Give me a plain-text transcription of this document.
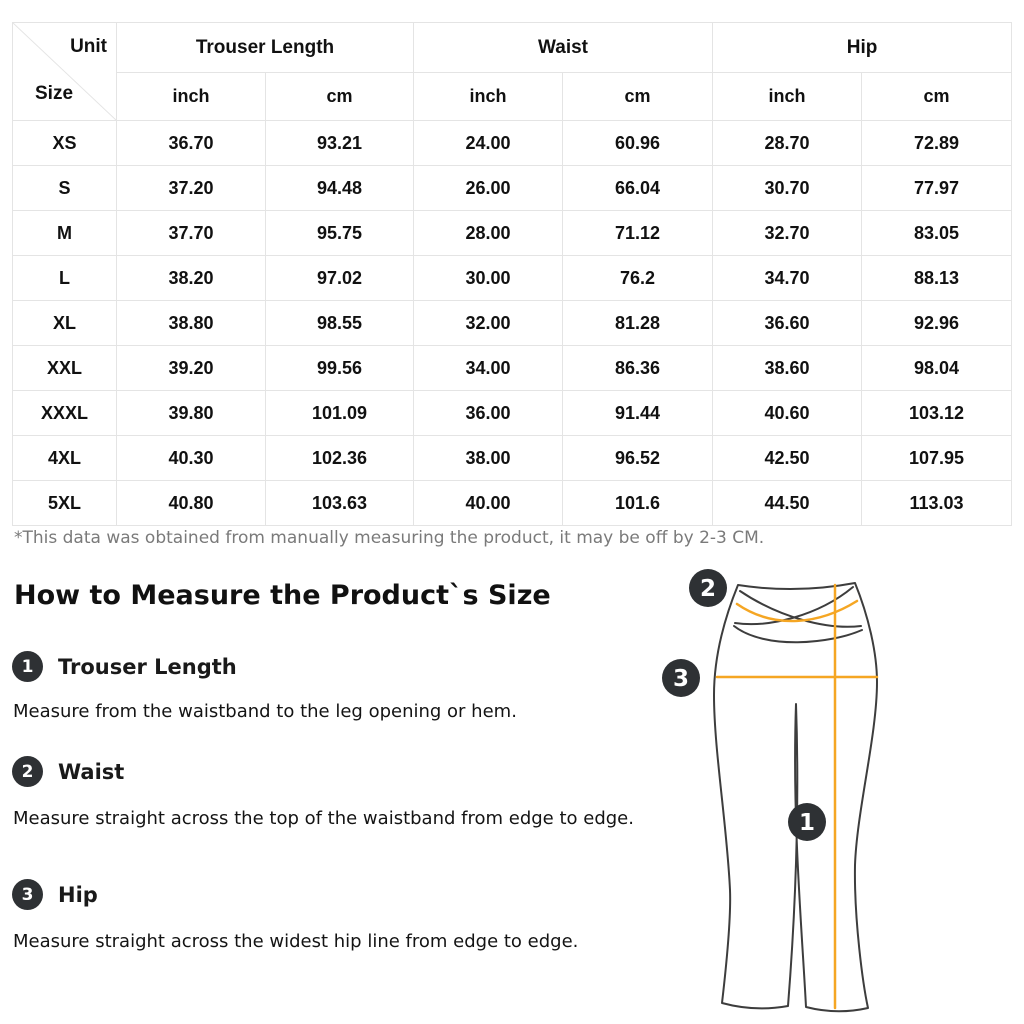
Unit
Size	Trouser Length		Waist		Hip	
	inch	cm	inch	cm	inch	cm
XS	36.70	93.21	24.00	60.96	28.70	72.89
S	37.20	94.48	26.00	66.04	30.70	77.97
M	37.70	95.75	28.00	71.12	32.70	83.05
L	38.20	97.02	30.00	76.2	34.70	88.13
XL	38.80	98.55	32.00	81.28	36.60	92.96
XXL	39.20	99.56	34.00	86.36	38.60	98.04
XXXL	39.80	101.09	36.00	91.44	40.60	103.12
4XL	40.30	102.36	38.00	96.52	42.50	107.95
5XL	40.80	103.63	40.00	101.6	44.50	113.03
*This data was obtained from manually measuring the product, it may be off by 2-3 CM.
How to Measure the Product`s Size
1	Trouser Length
Measure from the waistband to the leg opening or hem.
2	Waist
Measure straight across the top of the waistband from edge to edge.
3	Hip
Measure straight across the widest hip line from edge to edge.
2
3
1
